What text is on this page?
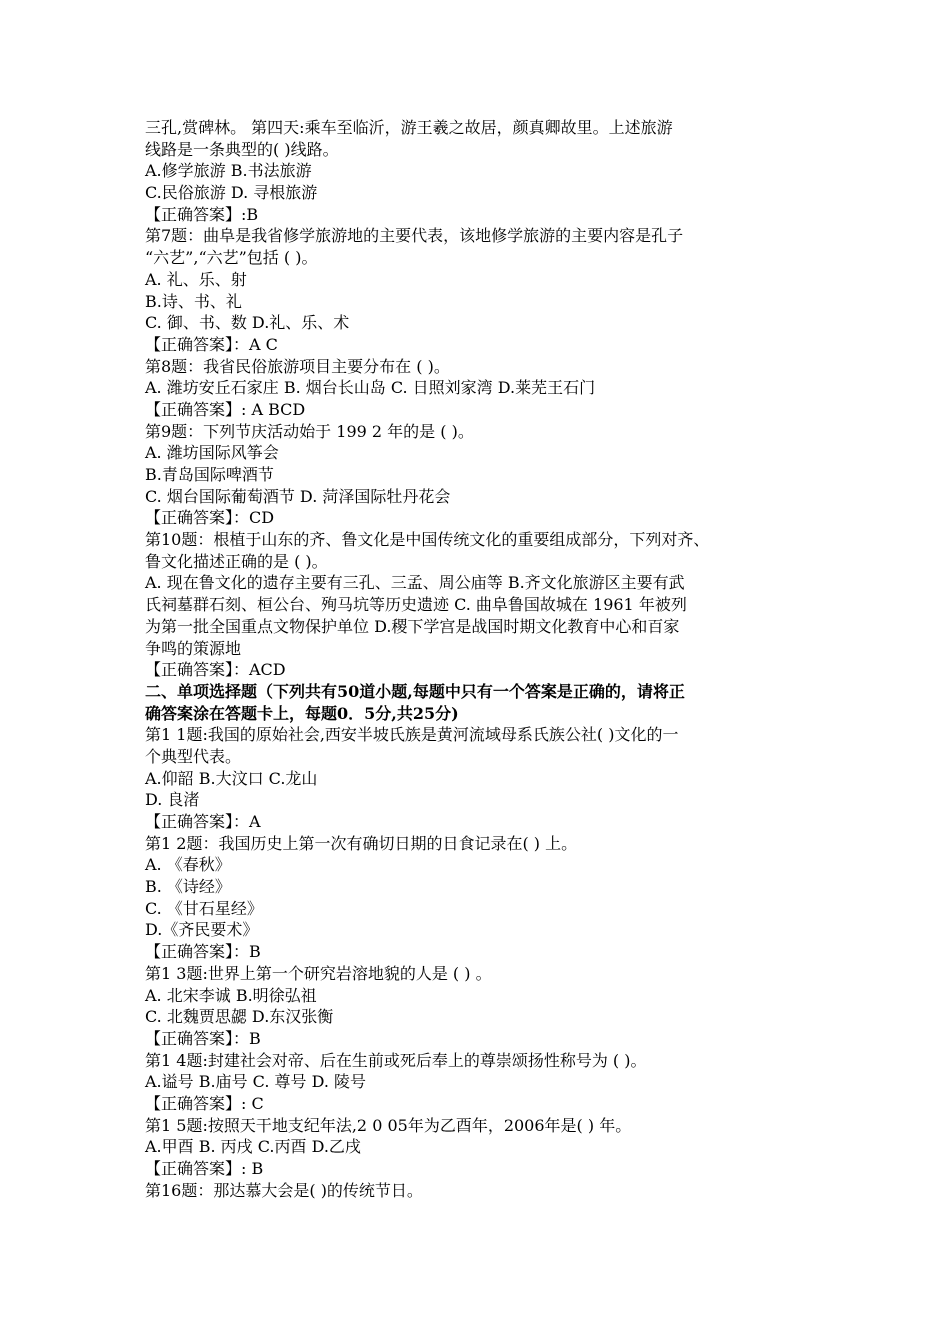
三孔,赏碑林。 第四天:乘车至临沂，游王羲之故居，颜真卿故里。上述旅游
线路是一条典型的( )线路。
A.修学旅游 ﻿B.书法旅游
C.民俗旅游 ﻿D. 寻根旅游
【正确答案】:B
第7题：曲阜是我省修学旅游地的主要代表，该地修学旅游的主要内容是孔子
“六艺”,“六艺”包括 ( )。
A. 礼、乐、射
B.诗、书、礼
C. 御、书、数 ﻿D.礼、乐、术
【正确答案】：A C
第8题：我省民俗旅游项目主要分布在 ( )。
A. 潍坊安丘石家庄 ﻿B. 烟台长山岛 ﻿C. 日照刘家湾 ﻿D.莱芜王石门
【正确答案】: A BCD
第9题：下列节庆活动始于 199 2 年的是 ( )。
A. 潍坊国际风筝会
B.青岛国际啤酒节
C. 烟台国际葡萄酒节 ﻿D. 菏泽国际牡丹花会
【正确答案】：CD
第10题：根植于山东的齐、鲁文化是中国传统文化的重要组成部分，下列对齐、
鲁文化描述正确的是 ( )。
A. 现在鲁文化的遗存主要有三孔、三孟、周公庙等 ﻿B.齐文化旅游区主要有武
氏祠墓群石刻、桓公台、殉马坑等历史遗迹 ﻿C. 曲阜鲁国故城在 1961 年被列
为第一批全国重点文物保护单位 ﻿D.稷下学宫是战国时期文化教育中心和百家
争鸣的策源地
【正确答案】：ACD
二、单项选择题（下列共有50道小题,每题中只有一个答案是正确的，请将正
确答案涂在答题卡上，每题0．5分,共25分)
第1 1题:我国的原始社会,西安半坡氏族是黄河流域母系氏族公社( )文化的一
个典型代表。
A.仰韶 ﻿B.大汶口 ﻿C.龙山
D. 良渚
【正确答案】：A
第1 2题：我国历史上第一次有确切日期的日食记录在( ) 上。
A. 《春秋》
B. 《诗经》
C. 《甘石星经》
D.《齐民要术》
【正确答案】：B
第1 3题:世界上第一个研究岩溶地貌的人是 ( ) 。
A. 北宋李诚 ﻿B.明徐弘祖
C. 北魏贾思勰 ﻿D.东汉张衡
【正确答案】：B
第1 4题:封建社会对帝、后在生前或死后奉上的尊崇颂扬性称号为 ( )。
A.谥号 ﻿B.庙号 ﻿C. 尊号 ﻿D. 陵号
【正确答案】: C
第1 5题:按照天干地支纪年法,2 0 05年为乙酉年，2006年是( ) 年。
A.甲酉 ﻿B. 丙戌 ﻿C.丙酉 ﻿D.乙戌
【正确答案】: B
第16题：那达慕大会是( )的传统节日。
